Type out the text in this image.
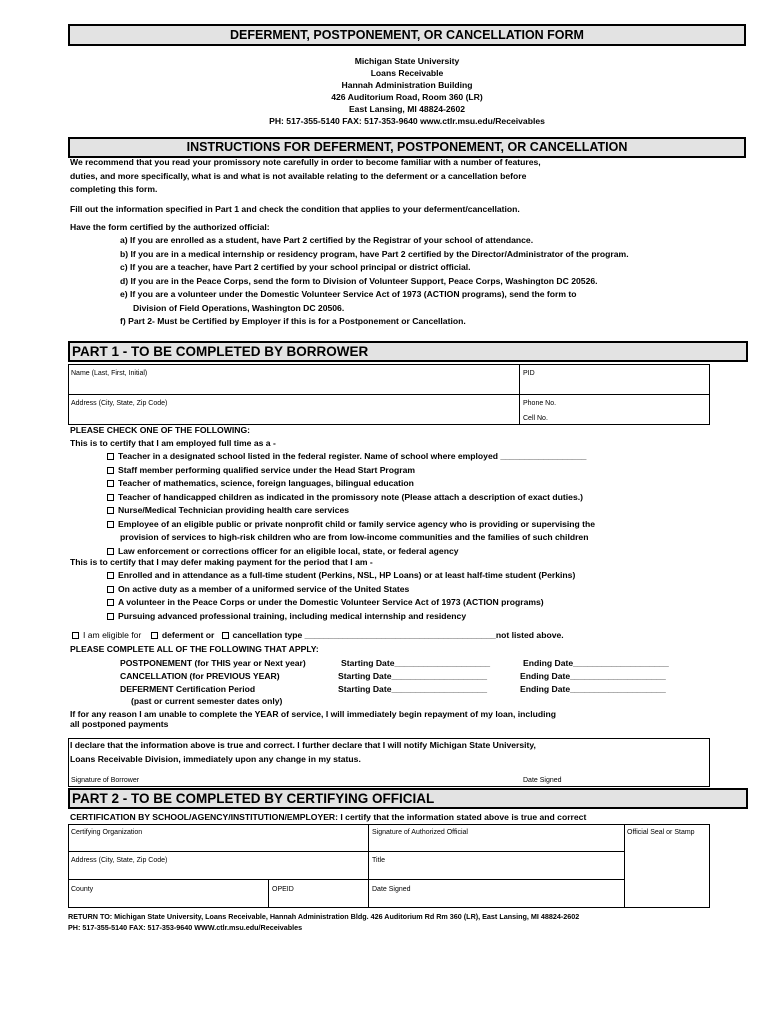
DEFERMENT, POSTPONEMENT, OR CANCELLATION FORM
Michigan State University
Loans Receivable
Hannah Administration Building
426 Auditorium Road, Room 360 (LR)
East Lansing, MI 48824-2602
PH: 517-355-5140 FAX: 517-353-9640 www.ctlr.msu.edu/Receivables
INSTRUCTIONS FOR DEFERMENT, POSTPONEMENT, OR CANCELLATION
We recommend that you read your promissory note carefully in order to become familiar with a number of features,
duties, and more specifically, what is and what is not available relating to the deferment or a cancellation before
completing this form.
Fill out the information specified in Part 1 and check the condition that applies to your deferment/cancellation.
Have the form certified by the authorized official:
a) If you are enrolled as a student, have Part 2 certified by the Registrar of your school of attendance.
b) If you are in a medical internship or residency program, have Part 2 certified by the Director/Administrator of the program.
c) If you are a teacher, have Part 2 certified by your school principal or district official.
d) If you are in the Peace Corps, send the form to Division of Volunteer Support, Peace Corps, Washington DC 20526.
e) If you are a volunteer under the Domestic Volunteer Service Act of 1973 (ACTION programs), send the form to
Division of Field Operations, Washington DC 20506.
f) Part 2- Must be Certified by Employer if this is for a Postponement or Cancellation.
PART 1 - TO BE COMPLETED BY BORROWER
Name (Last, First, Initial)	PID
Address (City, State, Zip Code)	Phone No.
Cell No.
PLEASE CHECK ONE OF THE FOLLOWING:
This is to certify that I am employed full time as a -
Teacher in a designated school listed in the federal register. Name of school where employed __________________
Staff member performing qualified service under the Head Start Program
Teacher of mathematics, science, foreign languages, bilingual education
Teacher of handicapped children as indicated in the promissory note (Please attach a description of exact duties.)
Nurse/Medical Technician providing health care services
Employee of an eligible public or private nonprofit child or family service agency who is providing or supervising the
provision of services to high-risk children who are from low-income communities and the families of such children
Law enforcement or corrections officer for an eligible local, state, or federal agency
This is to certify that I may defer making payment for the period that I am -
Enrolled and in attendance as a full-time student (Perkins, NSL, HP Loans) or at least half-time student (Perkins)
On active duty as a member of a uniformed service of the United States
A volunteer in the Peace Corps or under the Domestic Volunteer Service Act of 1973 (ACTION programs)
Pursuing advanced professional training, including medical internship and residency
I am eligible for deferment or cancellation type ________________________________________not listed above.
PLEASE COMPLETE ALL OF THE FOLLOWING THAT APPLY:
POSTPONEMENT (for THIS year or Next year)	Starting Date____________________	Ending Date____________________
CANCELLATION (for PREVIOUS YEAR)	Starting Date____________________	Ending Date____________________
DEFERMENT Certification Period	Starting Date____________________	Ending Date____________________
(past or current semester dates only)
If for any reason I am unable to complete the YEAR of service, I will immediately begin repayment of my loan, including
all postponed payments
I declare that the information above is true and correct. I further declare that I will notify Michigan State University,
Loans Receivable Division, immediately upon any change in my status.
Signature of Borrower	Date Signed
PART 2 - TO BE COMPLETED BY CERTIFYING OFFICIAL
CERTIFICATION BY SCHOOL/AGENCY/INSTITUTION/EMPLOYER: I certify that the information stated above is true and correct
Certifying Organization	Signature of Authorized Official	Official Seal or Stamp
Address (City, State, Zip Code)	Title
County	OPEID	Date Signed
RETURN TO: Michigan State University, Loans Receivable, Hannah Administration Bldg. 426 Auditorium Rd Rm 360 (LR), East Lansing, MI 48824-2602
PH: 517-355-5140 FAX: 517-353-9640 WWW.ctlr.msu.edu/Receivables
